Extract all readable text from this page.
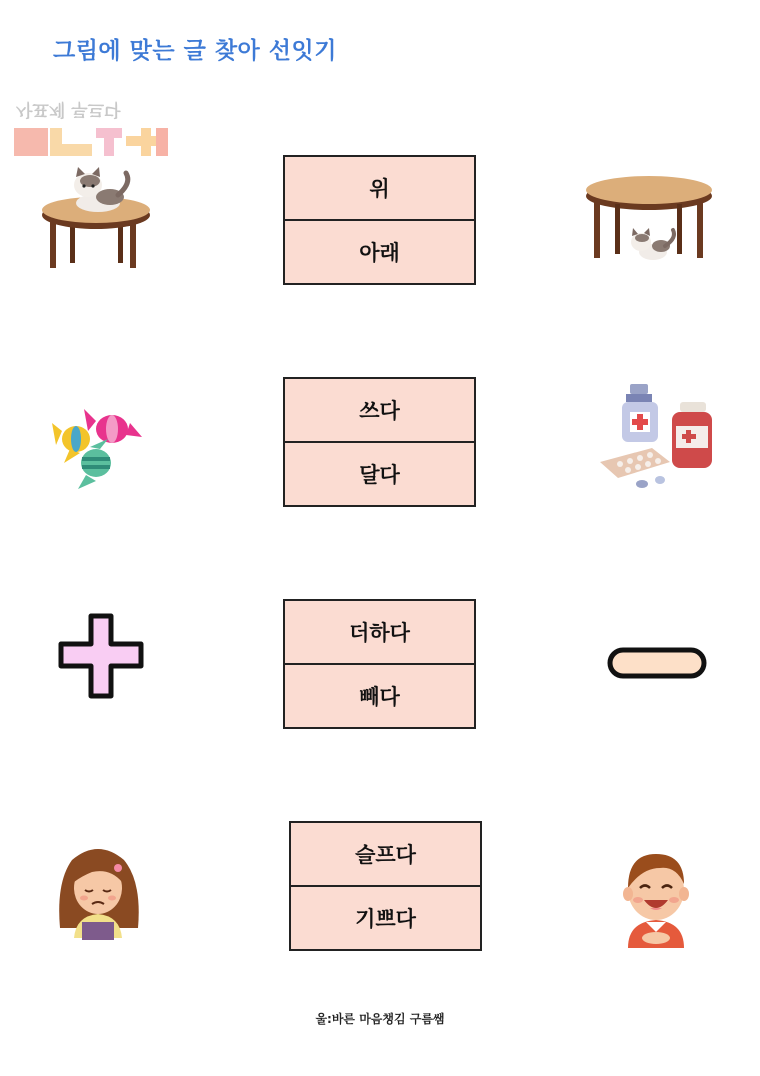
그림에 맞는 글 찾아 선잇기
사표제 루르다
위
아래
쓰다
달다
더하다
빼다
슬프다
기쁘다
울:바른 마음챙김 구름쌤
